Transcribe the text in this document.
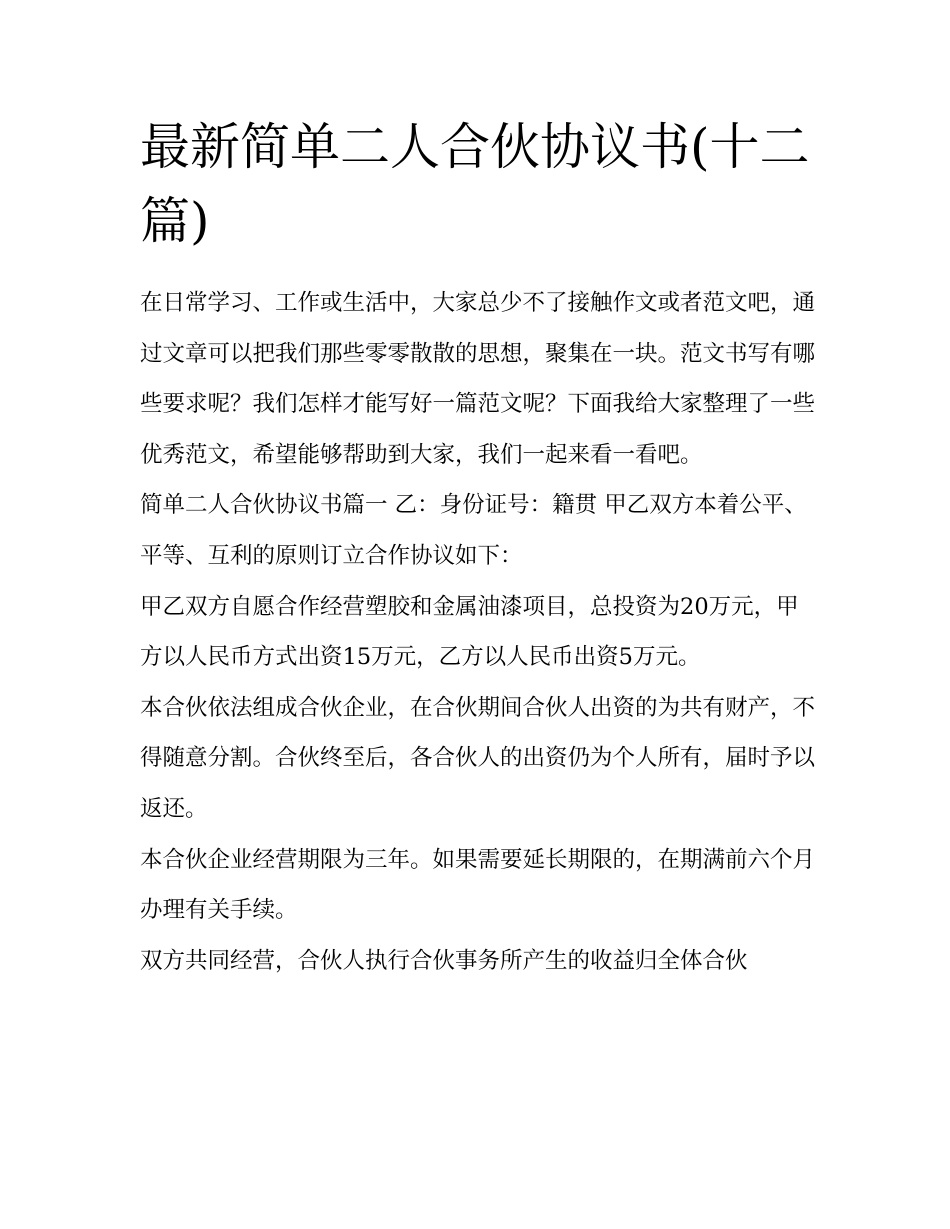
最新简单二人合伙协议书(十二篇)

在日常学习、工作或生活中，大家总少不了接触作文或者范文吧，通过文章可以把我们那些零零散散的思想，聚集在一块。范文书写有哪些要求呢？我们怎样才能写好一篇范文呢？下面我给大家整理了一些优秀范文，希望能够帮助到大家，我们一起来看一看吧。

简单二人合伙协议书篇一 乙：身份证号：籍贯 甲乙双方本着公平、平等、互利的原则订立合作协议如下：

甲乙双方自愿合作经营塑胶和金属油漆项目，总投资为20万元，甲方以人民币方式出资15万元，乙方以人民币出资5万元。

本合伙依法组成合伙企业，在合伙期间合伙人出资的为共有财产，不得随意分割。合伙终至后，各合伙人的出资仍为个人所有，届时予以返还。

本合伙企业经营期限为三年。如果需要延长期限的，在期满前六个月办理有关手续。

双方共同经营，合伙人执行合伙事务所产生的收益归全体合伙
